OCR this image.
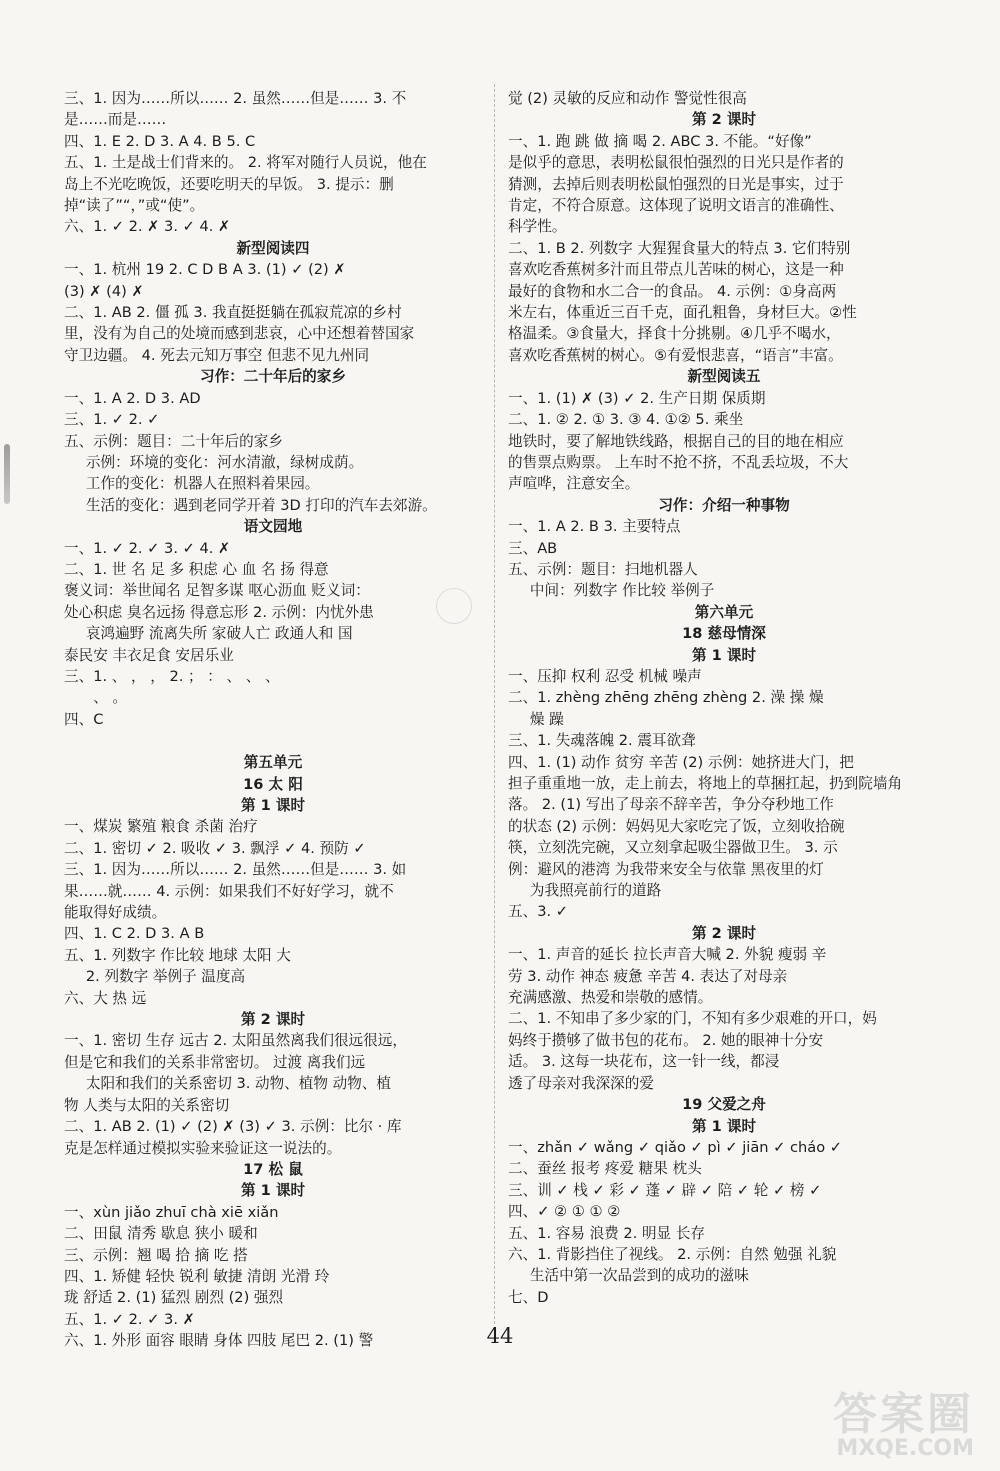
三、1. 因为……所以…… 2. 虽然……但是…… 3. 不
是……而是……
四、1. E 2. D 3. A 4. B 5. C
五、1. 土是战士们背来的。 2. 将军对随行人员说，他在
岛上不光吃晚饭，还要吃明天的早饭。 3. 提示：删
掉“读了”“，”或“使”。
六、1. ✓ 2. ✗ 3. ✓ 4. ✗
新型阅读四
一、1. 杭州 19 2. C D B A 3. (1) ✓ (2) ✗
(3) ✗ (4) ✗
二、1. AB 2. 僵 孤 3. 我直挺挺躺在孤寂荒凉的乡村
里，没有为自己的处境而感到悲哀，心中还想着替国家
守卫边疆。 4. 死去元知万事空 但悲不见九州同
习作：二十年后的家乡
一、1. A 2. D 3. AD
三、1. ✓ 2. ✓
五、示例：题目：二十年后的家乡
示例：环境的变化：河水清澈，绿树成荫。
工作的变化：机器人在照料着果园。
生活的变化：遇到老同学开着 3D 打印的汽车去郊游。
语文园地
一、1. ✓ 2. ✓ 3. ✓ 4. ✗
二、1. 世 名 足 多 积虑 心 血 名 扬 得意
褒义词：举世闻名 足智多谋 呕心沥血 贬义词：
处心积虑 臭名远扬 得意忘形 2. 示例：内忧外患
哀鸿遍野 流离失所 家破人亡 政通人和 国
泰民安 丰衣足食 安居乐业
三、1. 、 ， ， 2. ； ： 、 、 、
、 。
四、C
第五单元
16 太 阳
第 1 课时
一、煤炭 繁殖 粮食 杀菌 治疗
二、1. 密切 ✓ 2. 吸收 ✓ 3. 飘浮 ✓ 4. 预防 ✓
三、1. 因为……所以…… 2. 虽然……但是…… 3. 如
果……就…… 4. 示例：如果我们不好好学习，就不
能取得好成绩。
四、1. C 2. D 3. A B
五、1. 列数字 作比较 地球 太阳 大
2. 列数字 举例子 温度高
六、大 热 远
第 2 课时
一、1. 密切 生存 远古 2. 太阳虽然离我们很远很远，
但是它和我们的关系非常密切。 过渡 离我们远
太阳和我们的关系密切 3. 动物、植物 动物、植
物 人类与太阳的关系密切
二、1. AB 2. (1) ✓ (2) ✗ (3) ✓ 3. 示例：比尔 · 库
克是怎样通过模拟实验来验证这一说法的。
17 松 鼠
第 1 课时
一、xùn jiǎo zhuī chà xiē xiǎn
二、田鼠 清秀 歇息 狭小 暖和
三、示例：翘 喝 拾 摘 吃 搭
四、1. 矫健 轻快 锐利 敏捷 清朗 光滑 玲
珑 舒适 2. (1) 猛烈 剧烈 (2) 强烈
五、1. ✓ 2. ✓ 3. ✗
六、1. 外形 面容 眼睛 身体 四肢 尾巴 2. (1) 警
觉 (2) 灵敏的反应和动作 警觉性很高
第 2 课时
一、1. 跑 跳 做 摘 喝 2. ABC 3. 不能。“好像”
是似乎的意思，表明松鼠很怕强烈的日光只是作者的
猜测，去掉后则表明松鼠怕强烈的日光是事实，过于
肯定，不符合原意。这体现了说明文语言的准确性、
科学性。
二、1. B 2. 列数字 大猩猩食量大的特点 3. 它们特别
喜欢吃香蕉树多汁而且带点儿苦味的树心，这是一种
最好的食物和水二合一的食品。 4. 示例：①身高两
米左右，体重近三百千克，面孔粗鲁，身材巨大。②性
格温柔。③食量大，择食十分挑剔。④几乎不喝水，
喜欢吃香蕉树的树心。⑤有爱恨悲喜，“语言”丰富。
新型阅读五
一、1. (1) ✗ (3) ✓ 2. 生产日期 保质期
二、1. ② 2. ① 3. ③ 4. ①② 5. 乘坐
地铁时，要了解地铁线路，根据自己的目的地在相应
的售票点购票。 上车时不抢不挤，不乱丢垃圾，不大
声喧哗，注意安全。
习作：介绍一种事物
一、1. A 2. B 3. 主要特点
三、AB
五、示例：题目：扫地机器人
中间：列数字 作比较 举例子
第六单元
18 慈母情深
第 1 课时
一、压抑 权利 忍受 机械 噪声
二、1. zhèng zhēng zhēng zhèng 2. 澡 操 燥
燥 躁
三、1. 失魂落魄 2. 震耳欲聋
四、1. (1) 动作 贫穷 辛苦 (2) 示例：她挤进大门，把
担子重重地一放，走上前去，将地上的草捆扛起，扔到院墙角
落。 2. (1) 写出了母亲不辞辛苦，争分夺秒地工作
的状态 (2) 示例：妈妈见大家吃完了饭，立刻收拾碗
筷，立刻洗完碗，又立刻拿起吸尘器做卫生。 3. 示
例：避风的港湾 为我带来安全与依靠 黑夜里的灯
为我照亮前行的道路
五、3. ✓
第 2 课时
一、1. 声音的延长 拉长声音大喊 2. 外貌 瘦弱 辛
劳 3. 动作 神态 疲惫 辛苦 4. 表达了对母亲
充满感激、热爱和崇敬的感情。
二、1. 不知串了多少家的门，不知有多少艰难的开口，妈
妈终于攒够了做书包的花布。 2. 她的眼神十分安
适。 3. 这每一块花布，这一针一线，都浸
透了母亲对我深深的爱
19 父爱之舟
第 1 课时
一、zhǎn ✓ wǎng ✓ qiǎo ✓ pì ✓ jiān ✓ cháo ✓
二、蚕丝 报考 疼爱 糖果 枕头
三、训 ✓ 栈 ✓ 彩 ✓ 蓬 ✓ 辟 ✓ 陪 ✓ 轮 ✓ 榜 ✓
四、✓ ② ① ① ②
五、1. 容易 浪费 2. 明显 长存
六、1. 背影挡住了视线。 2. 示例：自然 勉强 礼貌
生活中第一次品尝到的成功的滋味
七、D
44
答案圈
MXQE.COM
